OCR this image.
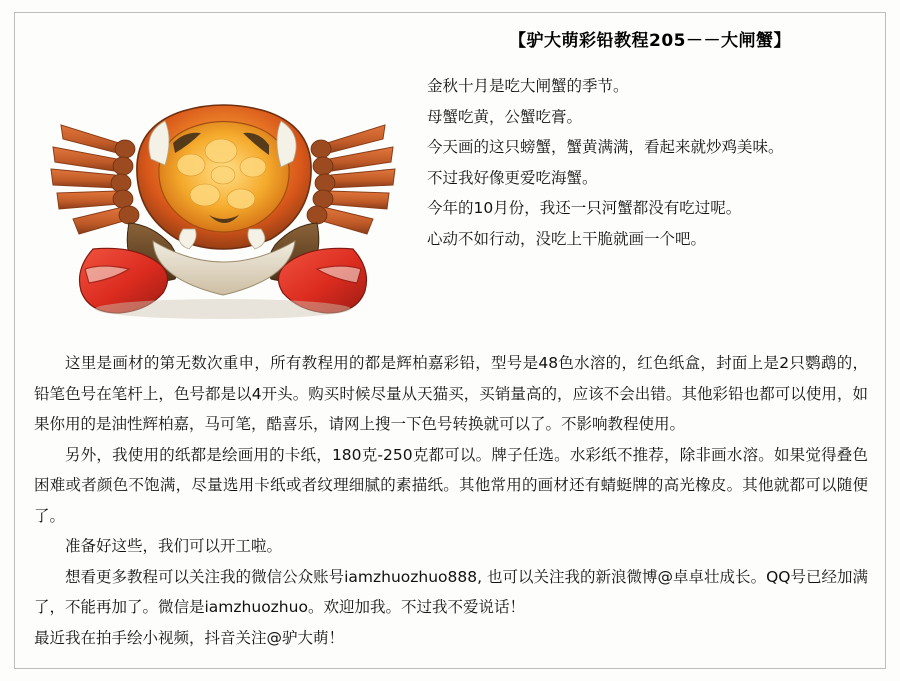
【驴大萌彩铅教程205－－大闸蟹】
金秋十月是吃大闸蟹的季节。
母蟹吃黄，公蟹吃膏。
今天画的这只螃蟹，蟹黄满满，看起来就炒鸡美味。
不过我好像更爱吃海蟹。
今年的10月份，我还一只河蟹都没有吃过呢。
心动不如行动，没吃上干脆就画一个吧。

这里是画材的第无数次重申，所有教程用的都是辉柏嘉彩铅，型号是48色水溶的，红色纸盒，封面上是2只鹦鹉的，铅笔色号在笔杆上，色号都是以4开头。购买时候尽量从天猫买，买销量高的，应该不会出错。其他彩铅也都可以使用，如果你用的是油性辉柏嘉，马可笔，酷喜乐，请网上搜一下色号转换就可以了。不影响教程使用。

另外，我使用的纸都是绘画用的卡纸，180克-250克都可以。牌子任选。水彩纸不推荐，除非画水溶。如果觉得叠色困难或者颜色不饱满，尽量选用卡纸或者纹理细腻的素描纸。其他常用的画材还有蜻蜓牌的高光橡皮。其他就都可以随便了。

准备好这些，我们可以开工啦。

想看更多教程可以关注我的微信公众账号iamzhuozhuo888, 也可以关注我的新浪微博@卓卓壮成长。QQ号已经加满了，不能再加了。微信是iamzhuozhuo。欢迎加我。不过我不爱说话！

最近我在拍手绘小视频，抖音关注@驴大萌！
